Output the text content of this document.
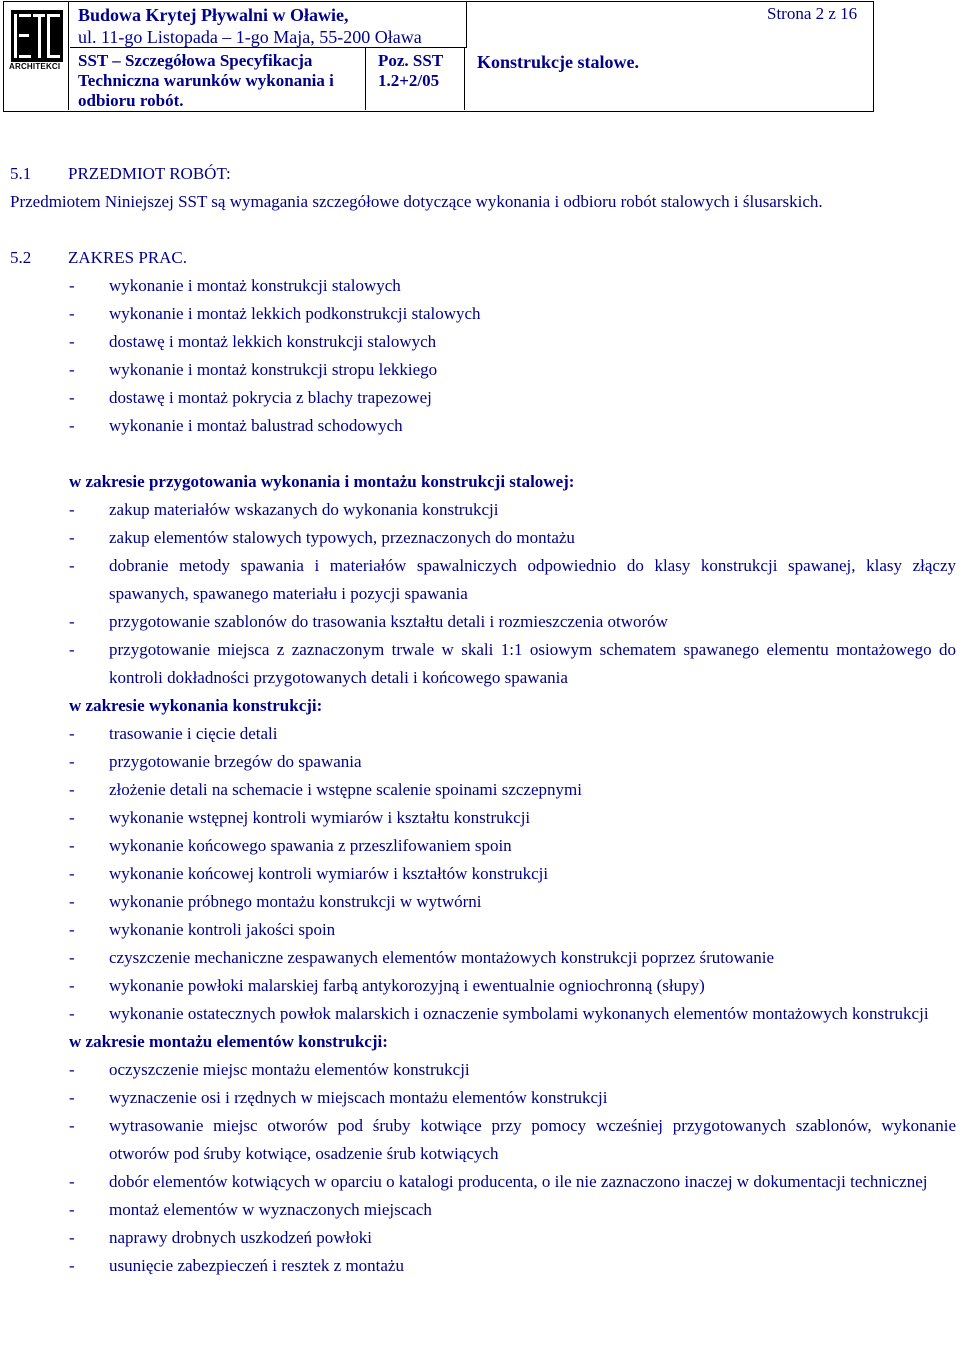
ARCHITEKCI
Budowa Krytej Pływalni w Oławie,
ul. 11-go Listopada – 1-go Maja, 55-200 Oława
Strona 2 z 16
SST – Szczegółowa Specyfikacja
Techniczna warunków wykonania i
odbioru robót.
Poz. SST
1.2+2/05
Konstrukcje stalowe.
5.1	PRZEDMIOT ROBÓT:
Przedmiotem Niniejszej SST są wymagania szczegółowe dotyczące wykonania i odbioru robót stalowych i ślusarskich.
5.2	ZAKRES PRAC.
- wykonanie i montaż konstrukcji stalowych
- wykonanie i montaż lekkich podkonstrukcji stalowych
- dostawę i montaż lekkich konstrukcji stalowych
- wykonanie i montaż konstrukcji stropu lekkiego
- dostawę i montaż pokrycia z blachy trapezowej
- wykonanie i montaż balustrad schodowych
w zakresie przygotowania wykonania i montażu konstrukcji stalowej:
- zakup materiałów wskazanych do wykonania konstrukcji
- zakup elementów stalowych typowych, przeznaczonych do montażu
- dobranie metody spawania i materiałów spawalniczych odpowiednio do klasy konstrukcji spawanej, klasy złączy spawanych, spawanego materiału i pozycji spawania
- przygotowanie szablonów do trasowania kształtu detali i rozmieszczenia otworów
- przygotowanie miejsca z zaznaczonym trwale w skali 1:1 osiowym schematem spawanego elementu montażowego do kontroli dokładności przygotowanych detali i końcowego spawania
w zakresie wykonania konstrukcji:
- trasowanie i cięcie detali
- przygotowanie brzegów do spawania
- złożenie detali na schemacie i wstępne scalenie spoinami szczepnymi
- wykonanie wstępnej kontroli wymiarów i kształtu konstrukcji
- wykonanie końcowego spawania z przeszlifowaniem spoin
- wykonanie końcowej kontroli wymiarów i kształtów konstrukcji
- wykonanie próbnego montażu konstrukcji w wytwórni
- wykonanie kontroli jakości spoin
- czyszczenie mechaniczne zespawanych elementów montażowych konstrukcji poprzez śrutowanie
- wykonanie powłoki malarskiej farbą antykorozyjną i ewentualnie ogniochronną (słupy)
- wykonanie ostatecznych powłok malarskich i oznaczenie symbolami wykonanych elementów montażowych konstrukcji
w zakresie montażu elementów konstrukcji:
- oczyszczenie miejsc montażu elementów konstrukcji
- wyznaczenie osi i rzędnych w miejscach montażu elementów konstrukcji
- wytrasowanie miejsc otworów pod śruby kotwiące przy pomocy wcześniej przygotowanych szablonów, wykonanie otworów pod śruby kotwiące, osadzenie śrub kotwiących
- dobór elementów kotwiących w oparciu o katalogi producenta, o ile nie zaznaczono inaczej w dokumentacji technicznej
- montaż elementów w wyznaczonych miejscach
- naprawy drobnych uszkodzeń powłoki
- usunięcie zabezpieczeń i resztek z montażu
